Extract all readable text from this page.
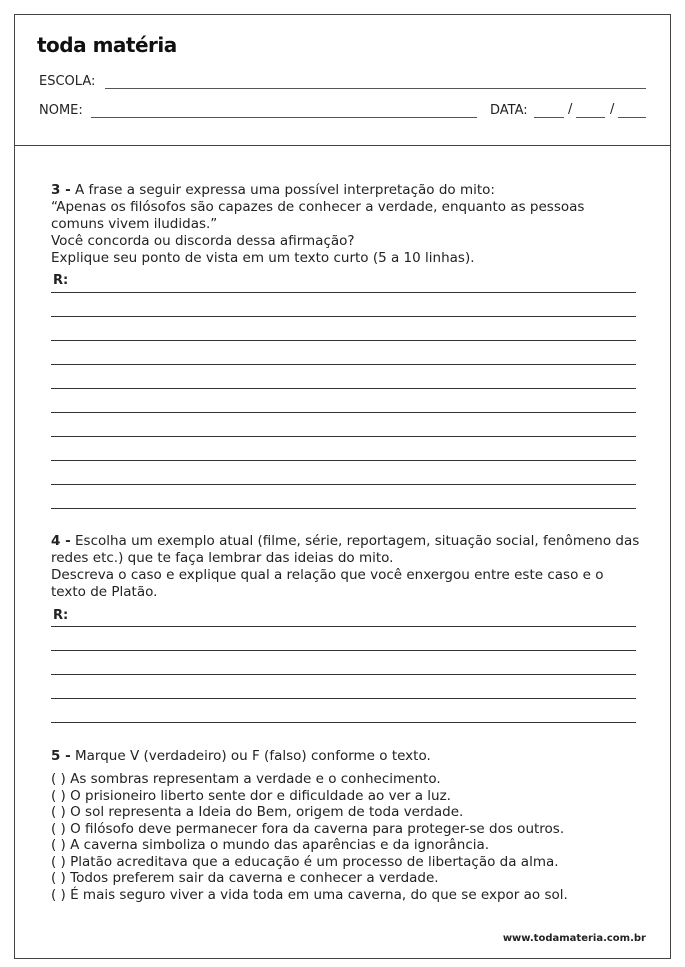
toda matéria
ESCOLA:
NOME:	DATA:	/	/
3 - A frase a seguir expressa uma possível interpretação do mito:
“Apenas os filósofos são capazes de conhecer a verdade, enquanto as pessoas
comuns vivem iludidas.”
Você concorda ou discorda dessa afirmação?
Explique seu ponto de vista em um texto curto (5 a 10 linhas).
R:
4 - Escolha um exemplo atual (filme, série, reportagem, situação social, fenômeno das
redes etc.) que te faça lembrar das ideias do mito.
Descreva o caso e explique qual a relação que você enxergou entre este caso e o
texto de Platão.
R:
5 - Marque V (verdadeiro) ou F (falso) conforme o texto.
( ) As sombras representam a verdade e o conhecimento.
( ) O prisioneiro liberto sente dor e dificuldade ao ver a luz.
( ) O sol representa a Ideia do Bem, origem de toda verdade.
( ) O filósofo deve permanecer fora da caverna para proteger-se dos outros.
( ) A caverna simboliza o mundo das aparências e da ignorância.
( ) Platão acreditava que a educação é um processo de libertação da alma.
( ) Todos preferem sair da caverna e conhecer a verdade.
( ) É mais seguro viver a vida toda em uma caverna, do que se expor ao sol.
www.todamateria.com.br
